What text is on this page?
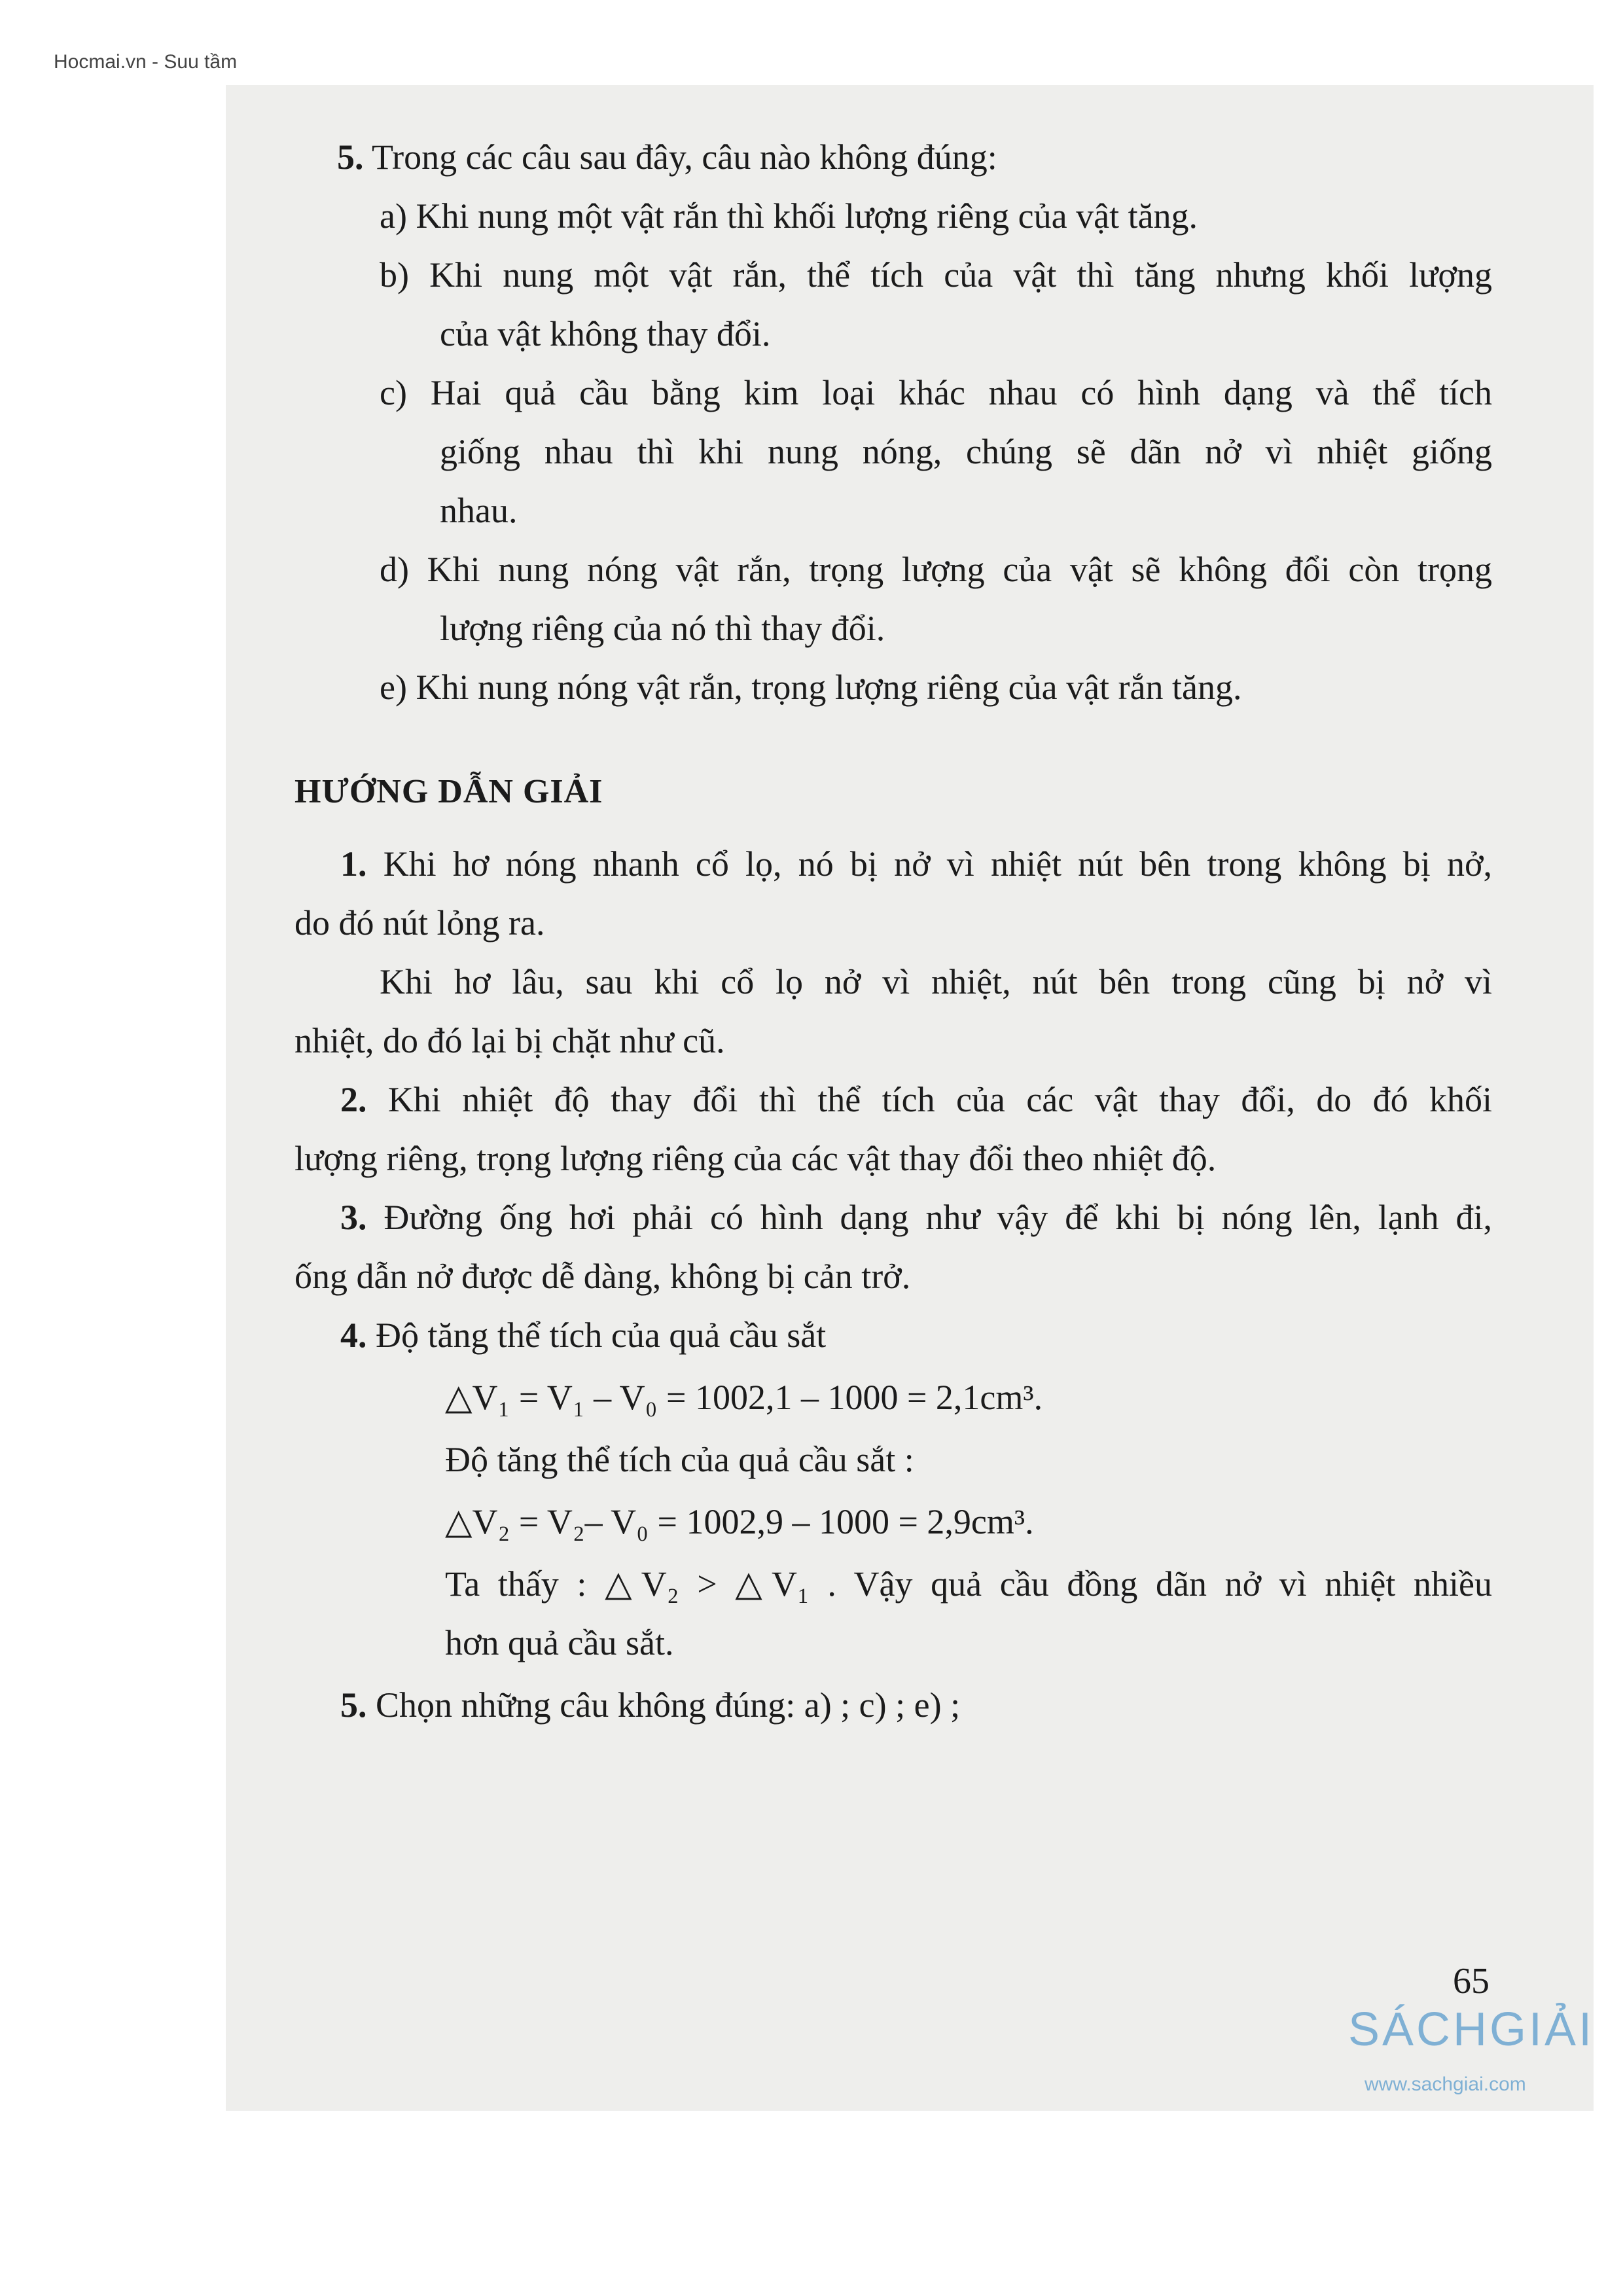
Hocmai.vn - Suu tầm

5. Trong các câu sau đây, câu nào không đúng:

a) Khi nung một vật rắn thì khối lượng riêng của vật tăng.

b) Khi nung một vật rắn, thể tích của vật thì tăng nhưng khối lượng

của vật không thay đổi.

c) Hai quả cầu bằng kim loại khác nhau có hình dạng và thể tích

giống nhau thì khi nung nóng, chúng sẽ dãn nở vì nhiệt giống

nhau.

d) Khi nung nóng vật rắn, trọng lượng của vật sẽ không đổi còn trọng

lượng riêng của nó thì thay đổi.

e) Khi nung nóng vật rắn, trọng lượng riêng của vật rắn tăng.

HƯỚNG DẪN GIẢI

1. Khi hơ nóng nhanh cổ lọ, nó bị nở vì nhiệt nút bên trong không bị nở,

do đó nút lỏng ra.

Khi hơ lâu, sau khi cổ lọ nở vì nhiệt, nút bên trong cũng bị nở vì

nhiệt, do đó lại bị chặt như cũ.

2. Khi nhiệt độ thay đổi thì thể tích của các vật thay đổi, do đó khối

lượng riêng, trọng lượng riêng của các vật thay đổi theo nhiệt độ.

3. Đường ống hơi phải có hình dạng như vậy để khi bị nóng lên, lạnh đi,

ống dẫn nở được dễ dàng, không bị cản trở.

4. Độ tăng thể tích của quả cầu sắt

△V₁ = V₁ – V₀ = 1002,1 – 1000 = 2,1cm³.

Độ tăng thể tích của quả cầu sắt :

△V₂ = V₂– V₀ = 1002,9 – 1000 = 2,9cm³.

Ta thấy : △V₂ > △V₁ . Vậy quả cầu đồng dãn nở vì nhiệt nhiều

hơn quả cầu sắt.

5. Chọn những câu không đúng: a) ; c) ; e) ;

65
SÁCHGIẢI
www.sachgiai.com
